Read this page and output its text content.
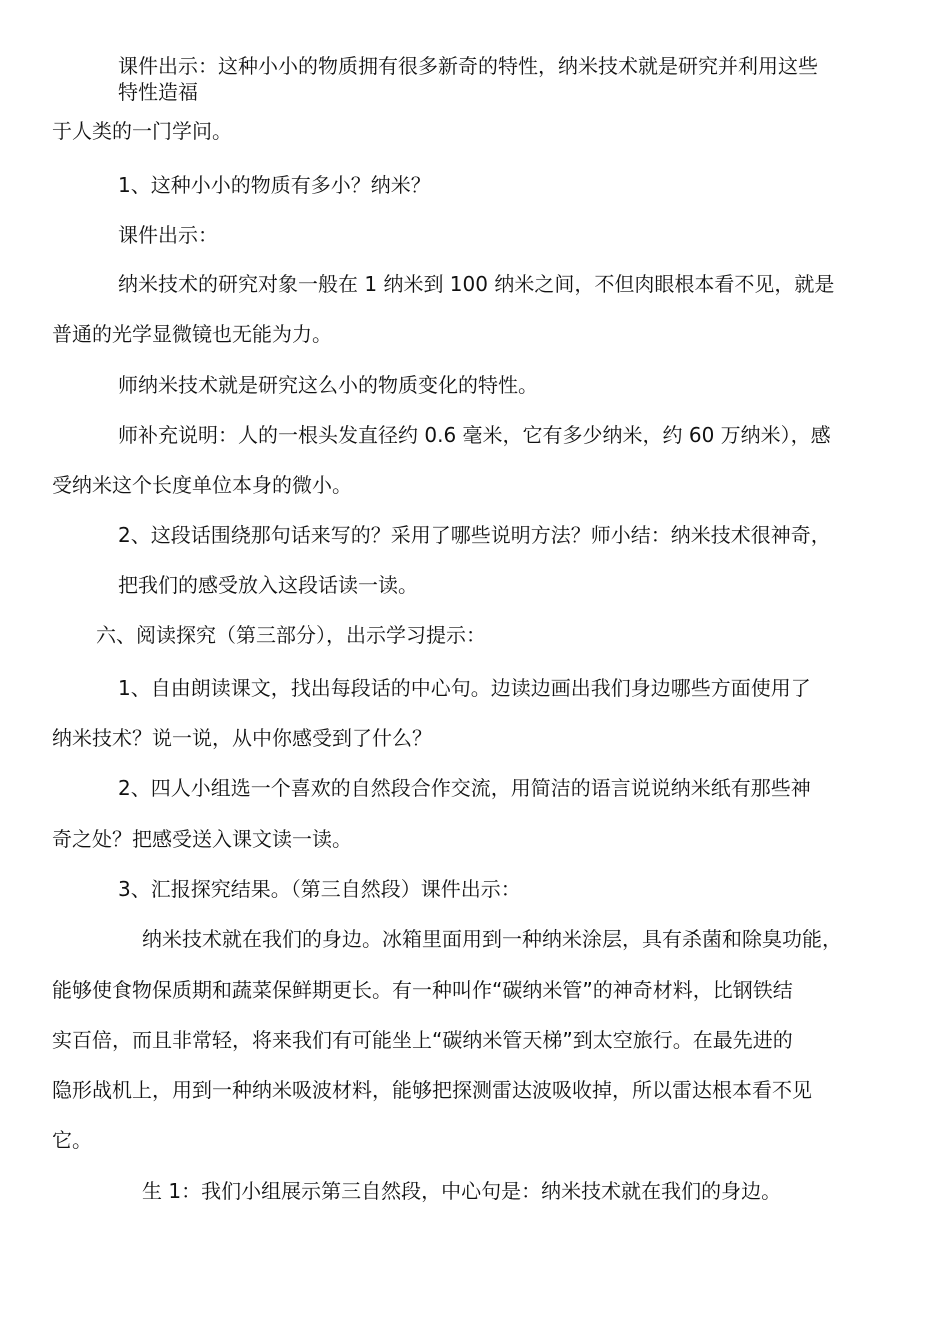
课件出示：这种小小的物质拥有很多新奇的特性，纳米技术就是研究并利用这些
特性造福
于人类的一门学问。
1、这种小小的物质有多小？纳米？
课件出示：
纳米技术的研究对象一般在 1 纳米到 100 纳米之间，不但肉眼根本看不见，就是
普通的光学显微镜也无能为力。
师纳米技术就是研究这么小的物质变化的特性。
师补充说明：人的一根头发直径约 0.6 毫米，它有多少纳米，约 60 万纳米），感
受纳米这个长度单位本身的微小。
2、这段话围绕那句话来写的？采用了哪些说明方法？师小结：纳米技术很神奇，
把我们的感受放入这段话读一读。
六、阅读探究（第三部分），出示学习提示：
1、自由朗读课文，找出每段话的中心句。边读边画出我们身边哪些方面使用了
纳米技术？说一说，从中你感受到了什么？
2、四人小组选一个喜欢的自然段合作交流，用简洁的语言说说纳米纸有那些神
奇之处？把感受送入课文读一读。
3、汇报探究结果。（第三自然段）课件出示：
纳米技术就在我们的身边。冰箱里面用到一种纳米涂层，具有杀菌和除臭功能，
能够使食物保质期和蔬菜保鲜期更长。有一种叫作“碳纳米管”的神奇材料，比钢铁结
实百倍，而且非常轻，将来我们有可能坐上“碳纳米管天梯”到太空旅行。在最先进的
隐形战机上，用到一种纳米吸波材料，能够把探测雷达波吸收掉，所以雷达根本看不见
它。
生 1：我们小组展示第三自然段，中心句是：纳米技术就在我们的身边。
